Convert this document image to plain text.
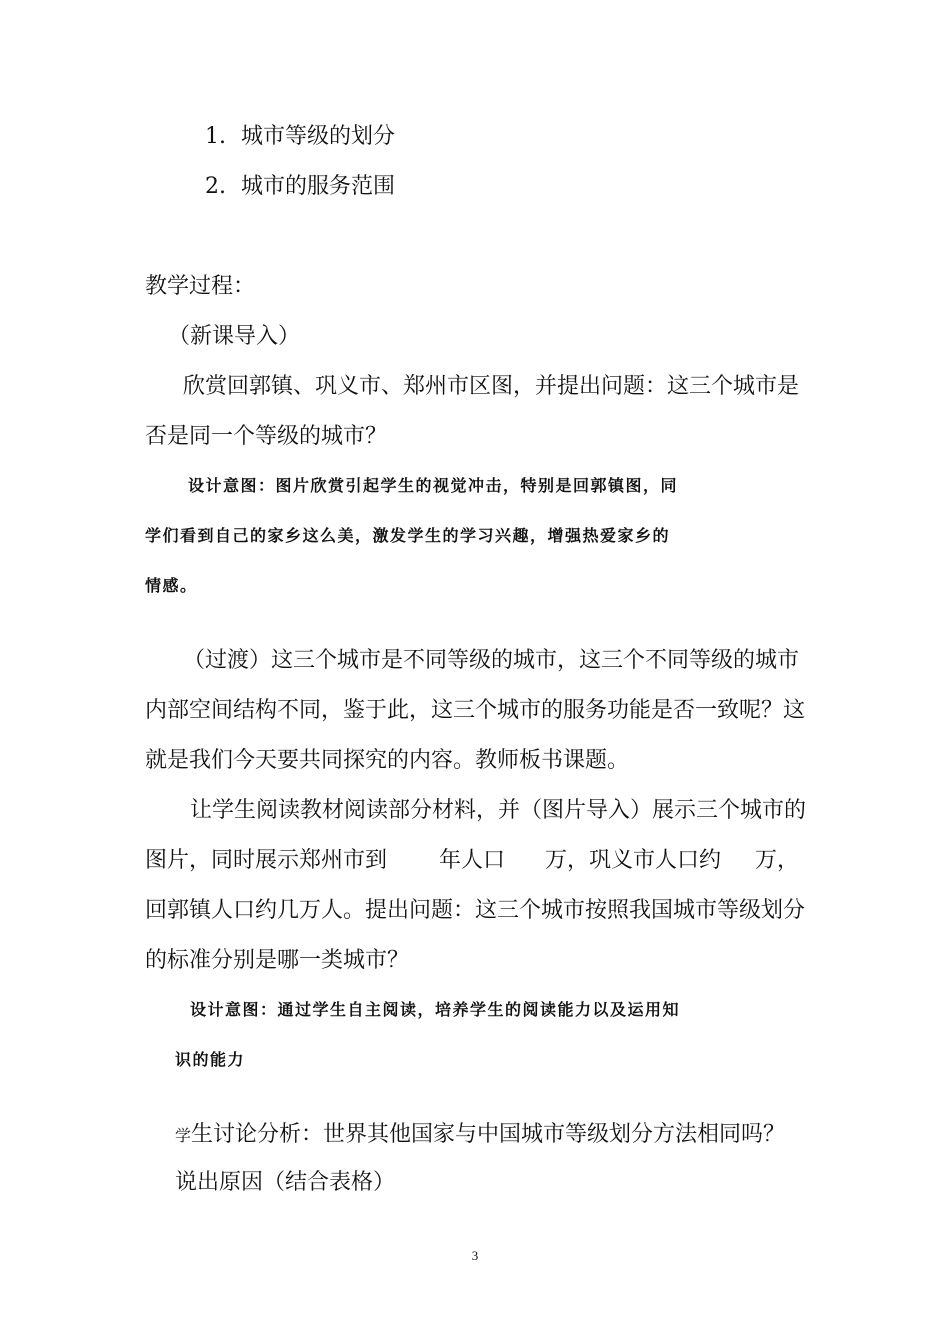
1. 城市等级的划分
2. 城市的服务范围
教学过程：
（新课导入）
欣赏回郭镇、巩义市、郑州市区图，并提出问题：这三个城市是
否是同一个等级的城市？
设计意图：图片欣赏引起学生的视觉冲击，特别是回郭镇图，同
学们看到自己的家乡这么美，激发学生的学习兴趣，增强热爱家乡的
情感。
（过渡）这三个城市是不同等级的城市，这三个不同等级的城市
内部空间结构不同，鉴于此，这三个城市的服务功能是否一致呢？这
就是我们今天要共同探究的内容。教师板书课题。
让学生阅读教材阅读部分材料，并（图片导入）展示三个城市的
图片，同时展示郑州市到 年人口 万，巩义市人口约 万，
回郭镇人口约几万人。提出问题：这三个城市按照我国城市等级划分
的标准分别是哪一类城市？
设计意图：通过学生自主阅读，培养学生的阅读能力以及运用知
识的能力
学生讨论分析：世界其他国家与中国城市等级划分方法相同吗？
说出原因（结合表格）
3
